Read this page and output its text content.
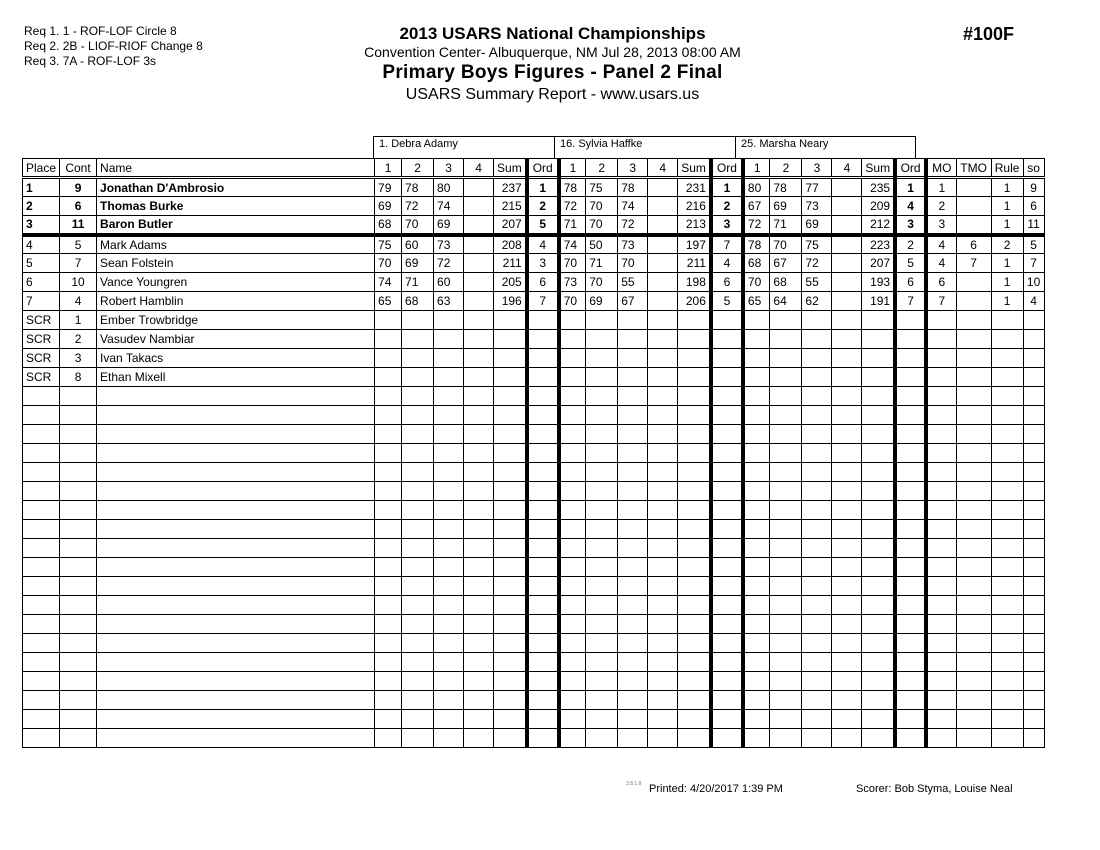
Req 1. 1 - ROF-LOF Circle 8
Req 2. 2B - LIOF-RIOF Change 8
Req 3. 7A - ROF-LOF 3s
2013 USARS National Championships
Convention Center- Albuquerque, NM Jul 28, 2013 08:00 AM
Primary Boys Figures - Panel 2 Final
USARS Summary Report - www.usars.us
#100F
1. Debra Adamy	16. Sylvia Haffke	25. Marsha Neary
Place	Cont	Name	1	2	3	4	Sum	Ord	1	2	3	4	Sum	Ord	1	2	3	4	Sum	Ord	MO	TMO	Rule	so
1	9	Jonathan D'Ambrosio	79	78	80		237	1	78	75	78		231	1	80	78	77		235	1	1		1	9
2	6	Thomas Burke	69	72	74		215	2	72	70	74		216	2	67	69	73		209	4	2		1	6
3	11	Baron Butler	68	70	69		207	5	71	70	72		213	3	72	71	69		212	3	3		1	11
4	5	Mark Adams	75	60	73		208	4	74	50	73		197	7	78	70	75		223	2	4	6	2	5
5	7	Sean Folstein	70	69	72		211	3	70	71	70		211	4	68	67	72		207	5	4	7	1	7
6	10	Vance Youngren	74	71	60		205	6	73	70	55		198	6	70	68	55		193	6	6		1	10
7	4	Robert Hamblin	65	68	63		196	7	70	69	67		206	5	65	64	62		191	7	7		1	4
SCR	1	Ember Trowbridge																						
SCR	2	Vasudev Nambiar																						
SCR	3	Ivan Takacs																						
SCR	8	Ethan Mixell																						

3.8.1.8 Printed: 4/20/2017 1:39 PM	Scorer: Bob Styma, Louise Neal
